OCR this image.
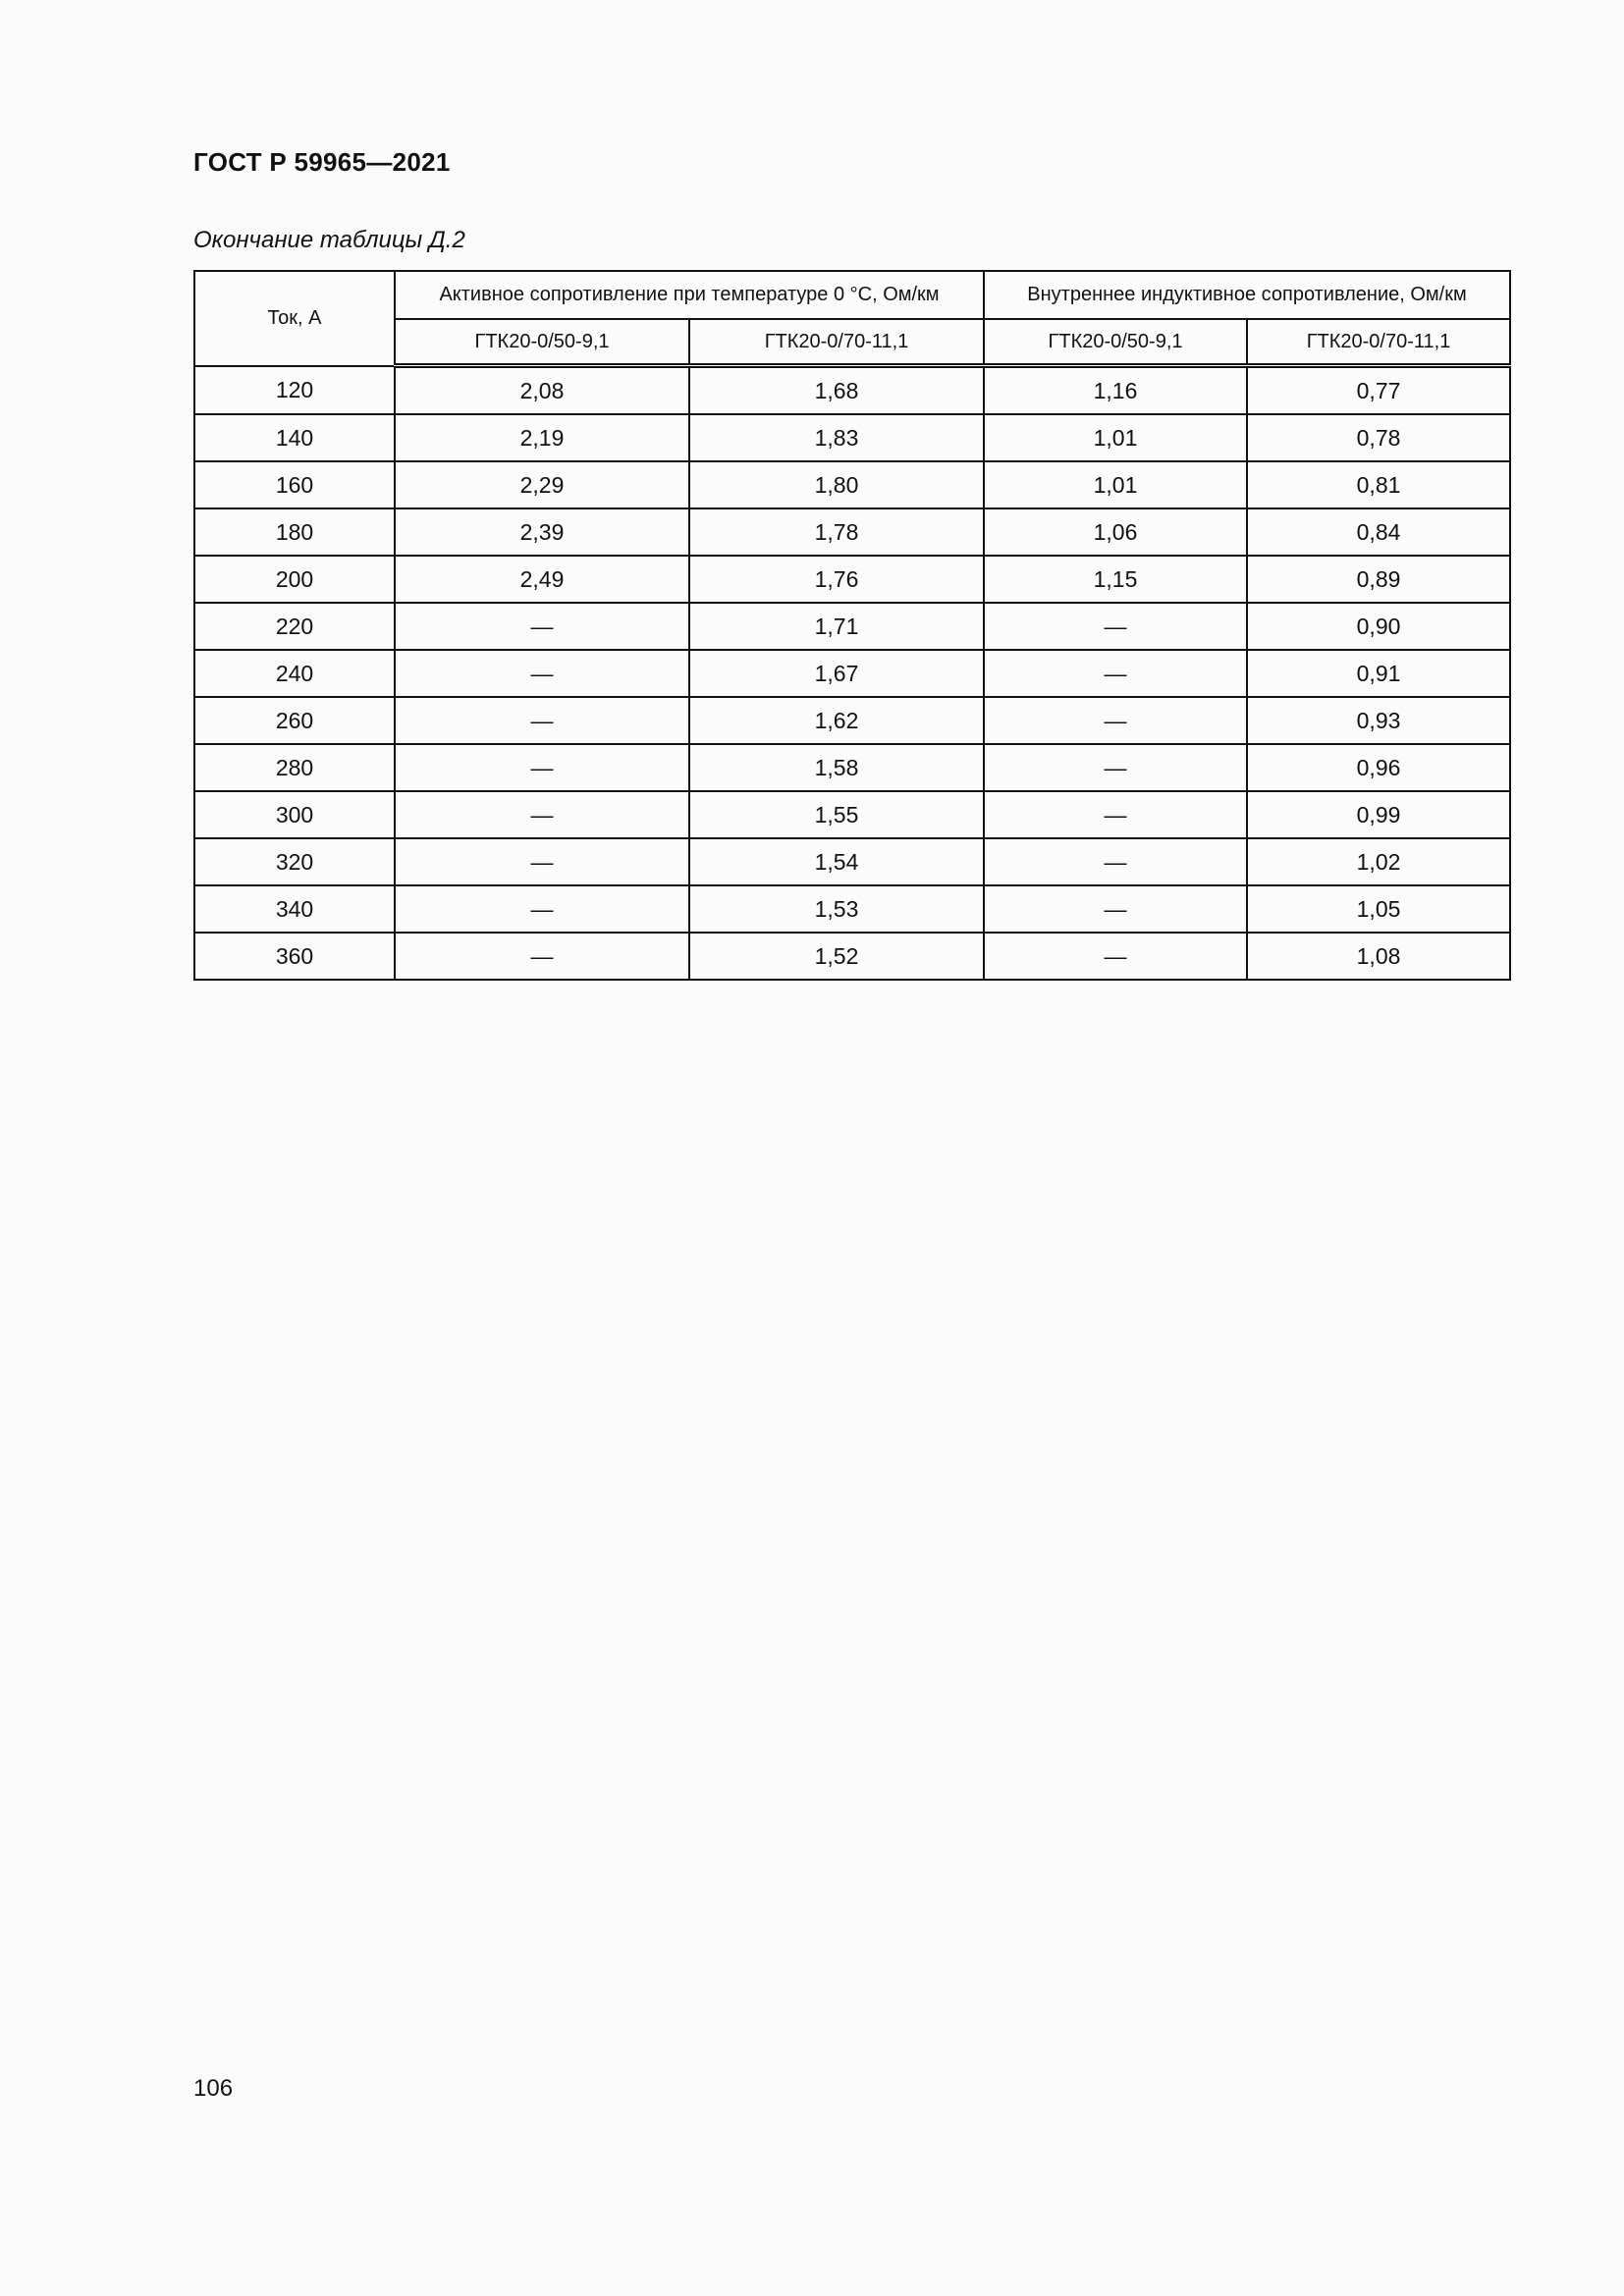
ГОСТ Р 59965—2021
Окончание таблицы Д.2
Ток, А	Активное сопротивление при температуре 0 °С, Ом/км		Внутреннее индуктивное сопротивление, Ом/км	
	ГТК20-0/50-9,1	ГТК20-0/70-11,1	ГТК20-0/50-9,1	ГТК20-0/70-11,1
120	2,08	1,68	1,16	0,77
140	2,19	1,83	1,01	0,78
160	2,29	1,80	1,01	0,81
180	2,39	1,78	1,06	0,84
200	2,49	1,76	1,15	0,89
220	—	1,71	—	0,90
240	—	1,67	—	0,91
260	—	1,62	—	0,93
280	—	1,58	—	0,96
300	—	1,55	—	0,99
320	—	1,54	—	1,02
340	—	1,53	—	1,05
360	—	1,52	—	1,08
106
